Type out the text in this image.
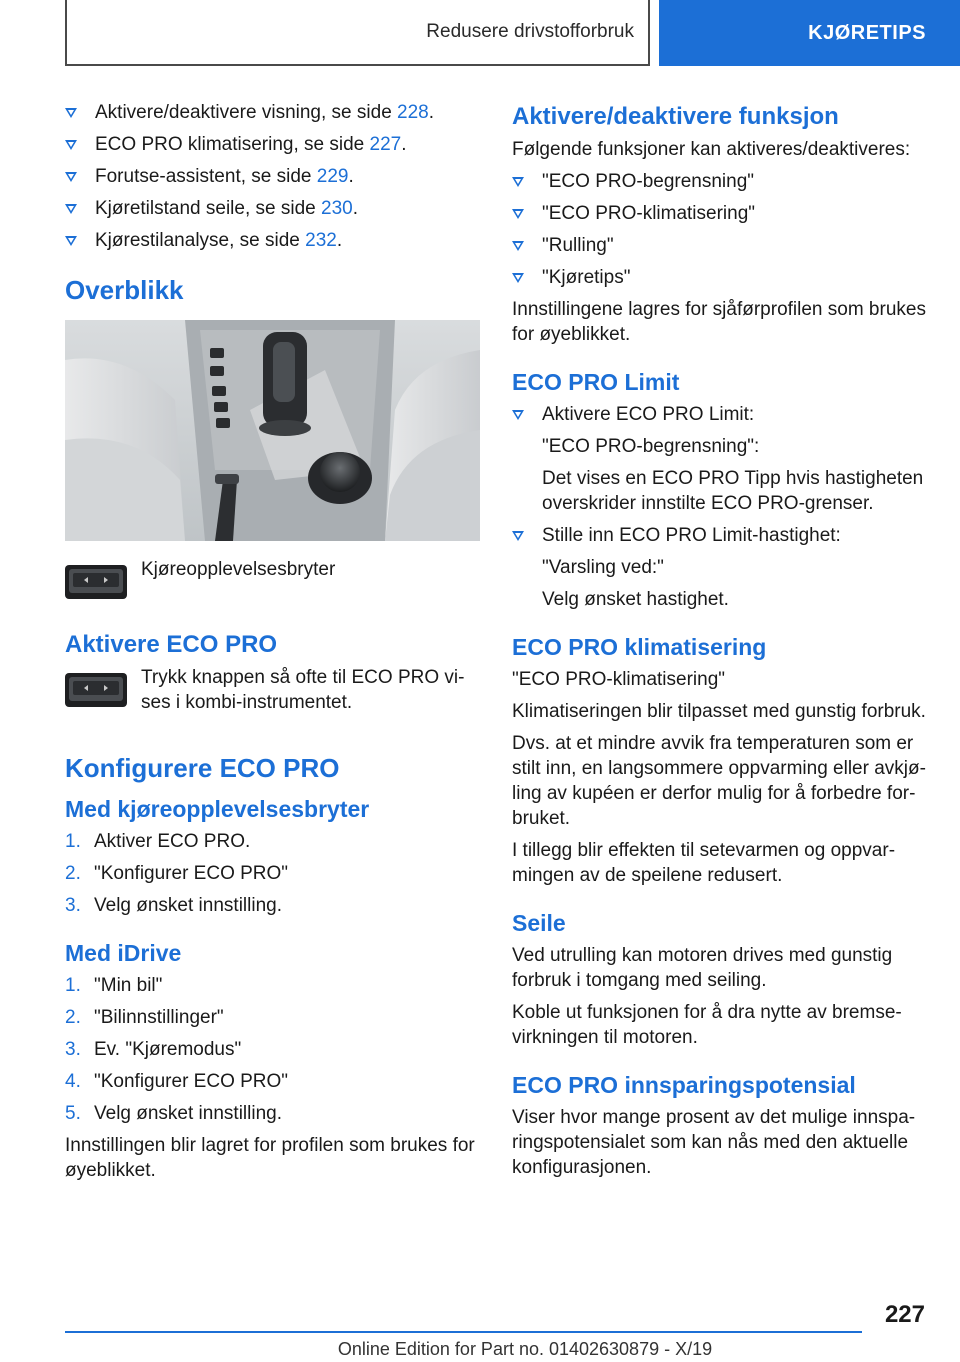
Redusere drivstofforbruk	KJØRETIPS
Aktivere/deaktivere visning, se side 228.
ECO PRO klimatisering, se side 227.
Forutse-assistent, se side 229.
Kjøretilstand seile, se side 230.
Kjørestilanalyse, se side 232.
Overblikk
Kjøreopplevelsesbryter
Aktivere ECO PRO
Trykk knappen så ofte til ECO PRO vises i kombi-instrumentet.
Konfigurere ECO PRO
Med kjøreopplevelsesbryter
1. Aktiver ECO PRO.
2. "Konfigurer ECO PRO"
3. Velg ønsket innstilling.
Med iDrive
1. "Min bil"
2. "Bilinnstillinger"
3. Ev. "Kjøremodus"
4. "Konfigurer ECO PRO"
5. Velg ønsket innstilling.

Innstillingen blir lagret for profilen som brukes for øyeblikket.

Aktivere/deaktivere funksjon

Følgende funksjoner kan aktiveres/deaktiveres:

"ECO PRO-begrensning"
"ECO PRO-klimatisering"
"Rulling"
"Kjøretips"

Innstillingene lagres for sjåførprofilen som brukes for øyeblikket.

ECO PRO Limit
Aktivere ECO PRO Limit:
"ECO PRO-begrensning":
Det vises en ECO PRO Tipp hvis hastigheten overskrider innstilte ECO PRO-grenser.
Stille inn ECO PRO Limit-hastighet:
"Varsling ved:"
Velg ønsket hastighet.
ECO PRO klimatisering

"ECO PRO-klimatisering"

Klimatiseringen blir tilpasset med gunstig forbruk.

Dvs. at et mindre avvik fra temperaturen som er stilt inn, en langsommere oppvarming eller avkjøling av kupéen er derfor mulig for å forbedre forbruket.

I tillegg blir effekten til setevarmen og oppvarmingen av de speilene redusert.

Seile

Ved utrulling kan motoren drives med gunstig forbruk i tomgang med seiling.

Koble ut funksjonen for å dra nytte av bremsevirkningen til motoren.

ECO PRO innsparingspotensial

Viser hvor mange prosent av det mulige innsparingspotensialet som kan nås med den aktuelle konfigurasjonen.

227
Online Edition for Part no. 01402630879 - X/19
